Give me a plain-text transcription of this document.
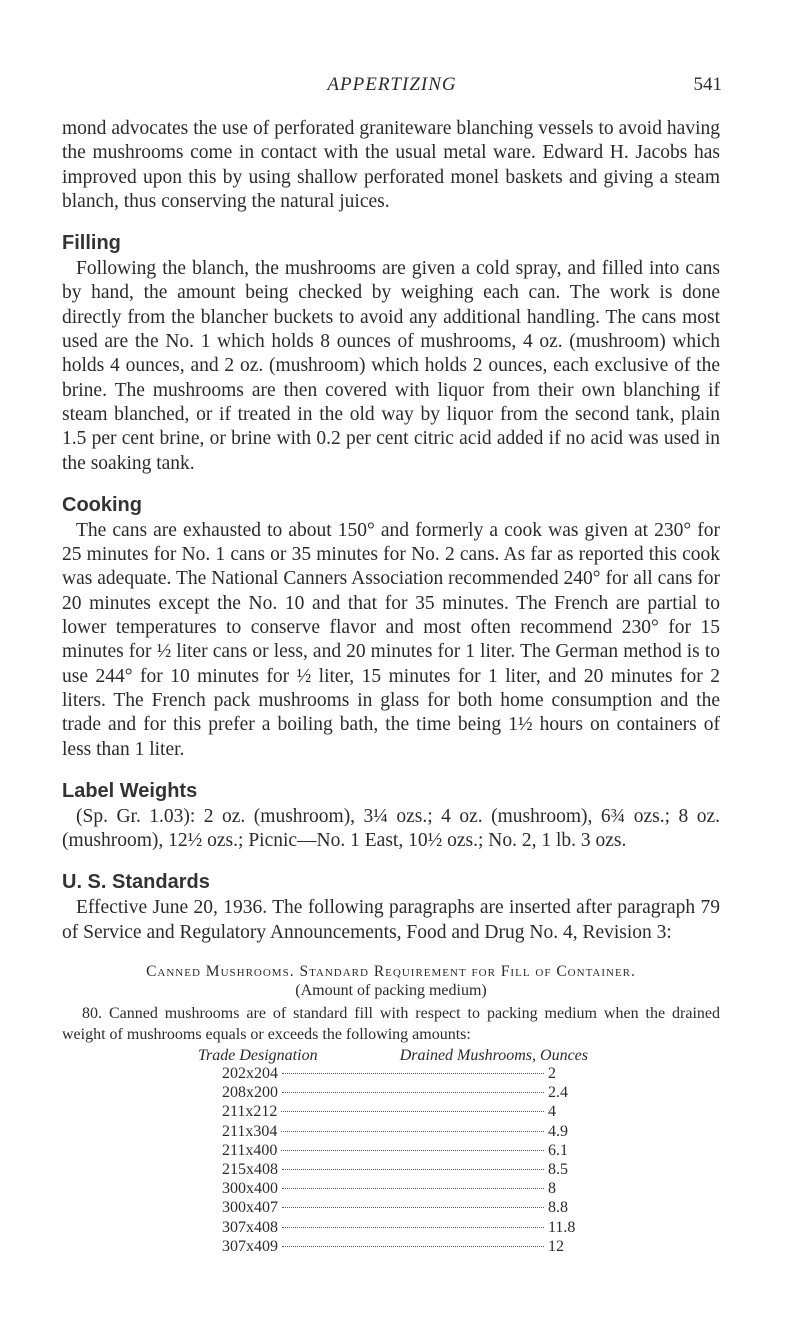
APPERTIZING	541

mond advocates the use of perforated graniteware blanching vessels to avoid having the mushrooms come in contact with the usual metal ware. Edward H. Jacobs has improved upon this by using shallow perforated monel baskets and giving a steam blanch, thus conserving the natural juices.

Filling

Following the blanch, the mushrooms are given a cold spray, and filled into cans by hand, the amount being checked by weighing each can. The work is done directly from the blancher buckets to avoid any additional handling. The cans most used are the No. 1 which holds 8 ounces of mushrooms, 4 oz. (mushroom) which holds 4 ounces, and 2 oz. (mushroom) which holds 2 ounces, each exclusive of the brine. The mushrooms are then covered with liquor from their own blanching if steam blanched, or if treated in the old way by liquor from the second tank, plain 1.5 per cent brine, or brine with 0.2 per cent citric acid added if no acid was used in the soaking tank.

Cooking

The cans are exhausted to about 150° and formerly a cook was given at 230° for 25 minutes for No. 1 cans or 35 minutes for No. 2 cans. As far as reported this cook was adequate. The National Canners Association recommended 240° for all cans for 20 minutes except the No. 10 and that for 35 minutes. The French are partial to lower temperatures to conserve flavor and most often recommend 230° for 15 minutes for ½ liter cans or less, and 20 minutes for 1 liter. The German method is to use 244° for 10 minutes for ½ liter, 15 minutes for 1 liter, and 20 minutes for 2 liters. The French pack mushrooms in glass for both home consumption and the trade and for this prefer a boiling bath, the time being 1½ hours on containers of less than 1 liter.

Label Weights

(Sp. Gr. 1.03): 2 oz. (mushroom), 3¼ ozs.; 4 oz. (mushroom), 6¾ ozs.; 8 oz. (mushroom), 12½ ozs.; Picnic—No. 1 East, 10½ ozs.; No. 2, 1 lb. 3 ozs.

U. S. Standards

Effective June 20, 1936. The following paragraphs are inserted after paragraph 79 of Service and Regulatory Announcements, Food and Drug No. 4, Revision 3:

Canned Mushrooms. Standard Requirement for Fill of Container.
(Amount of packing medium)
80. Canned mushrooms are of standard fill with respect to packing medium when the drained weight of mushrooms equals or exceeds the following amounts:
Trade Designation	Drained Mushrooms, Ounces
202x204	2
208x200	2.4
211x212	4
211x304	4.9
211x400	6.1
215x408	8.5
300x400	8
300x407	8.8
307x408	11.8
307x409	12
